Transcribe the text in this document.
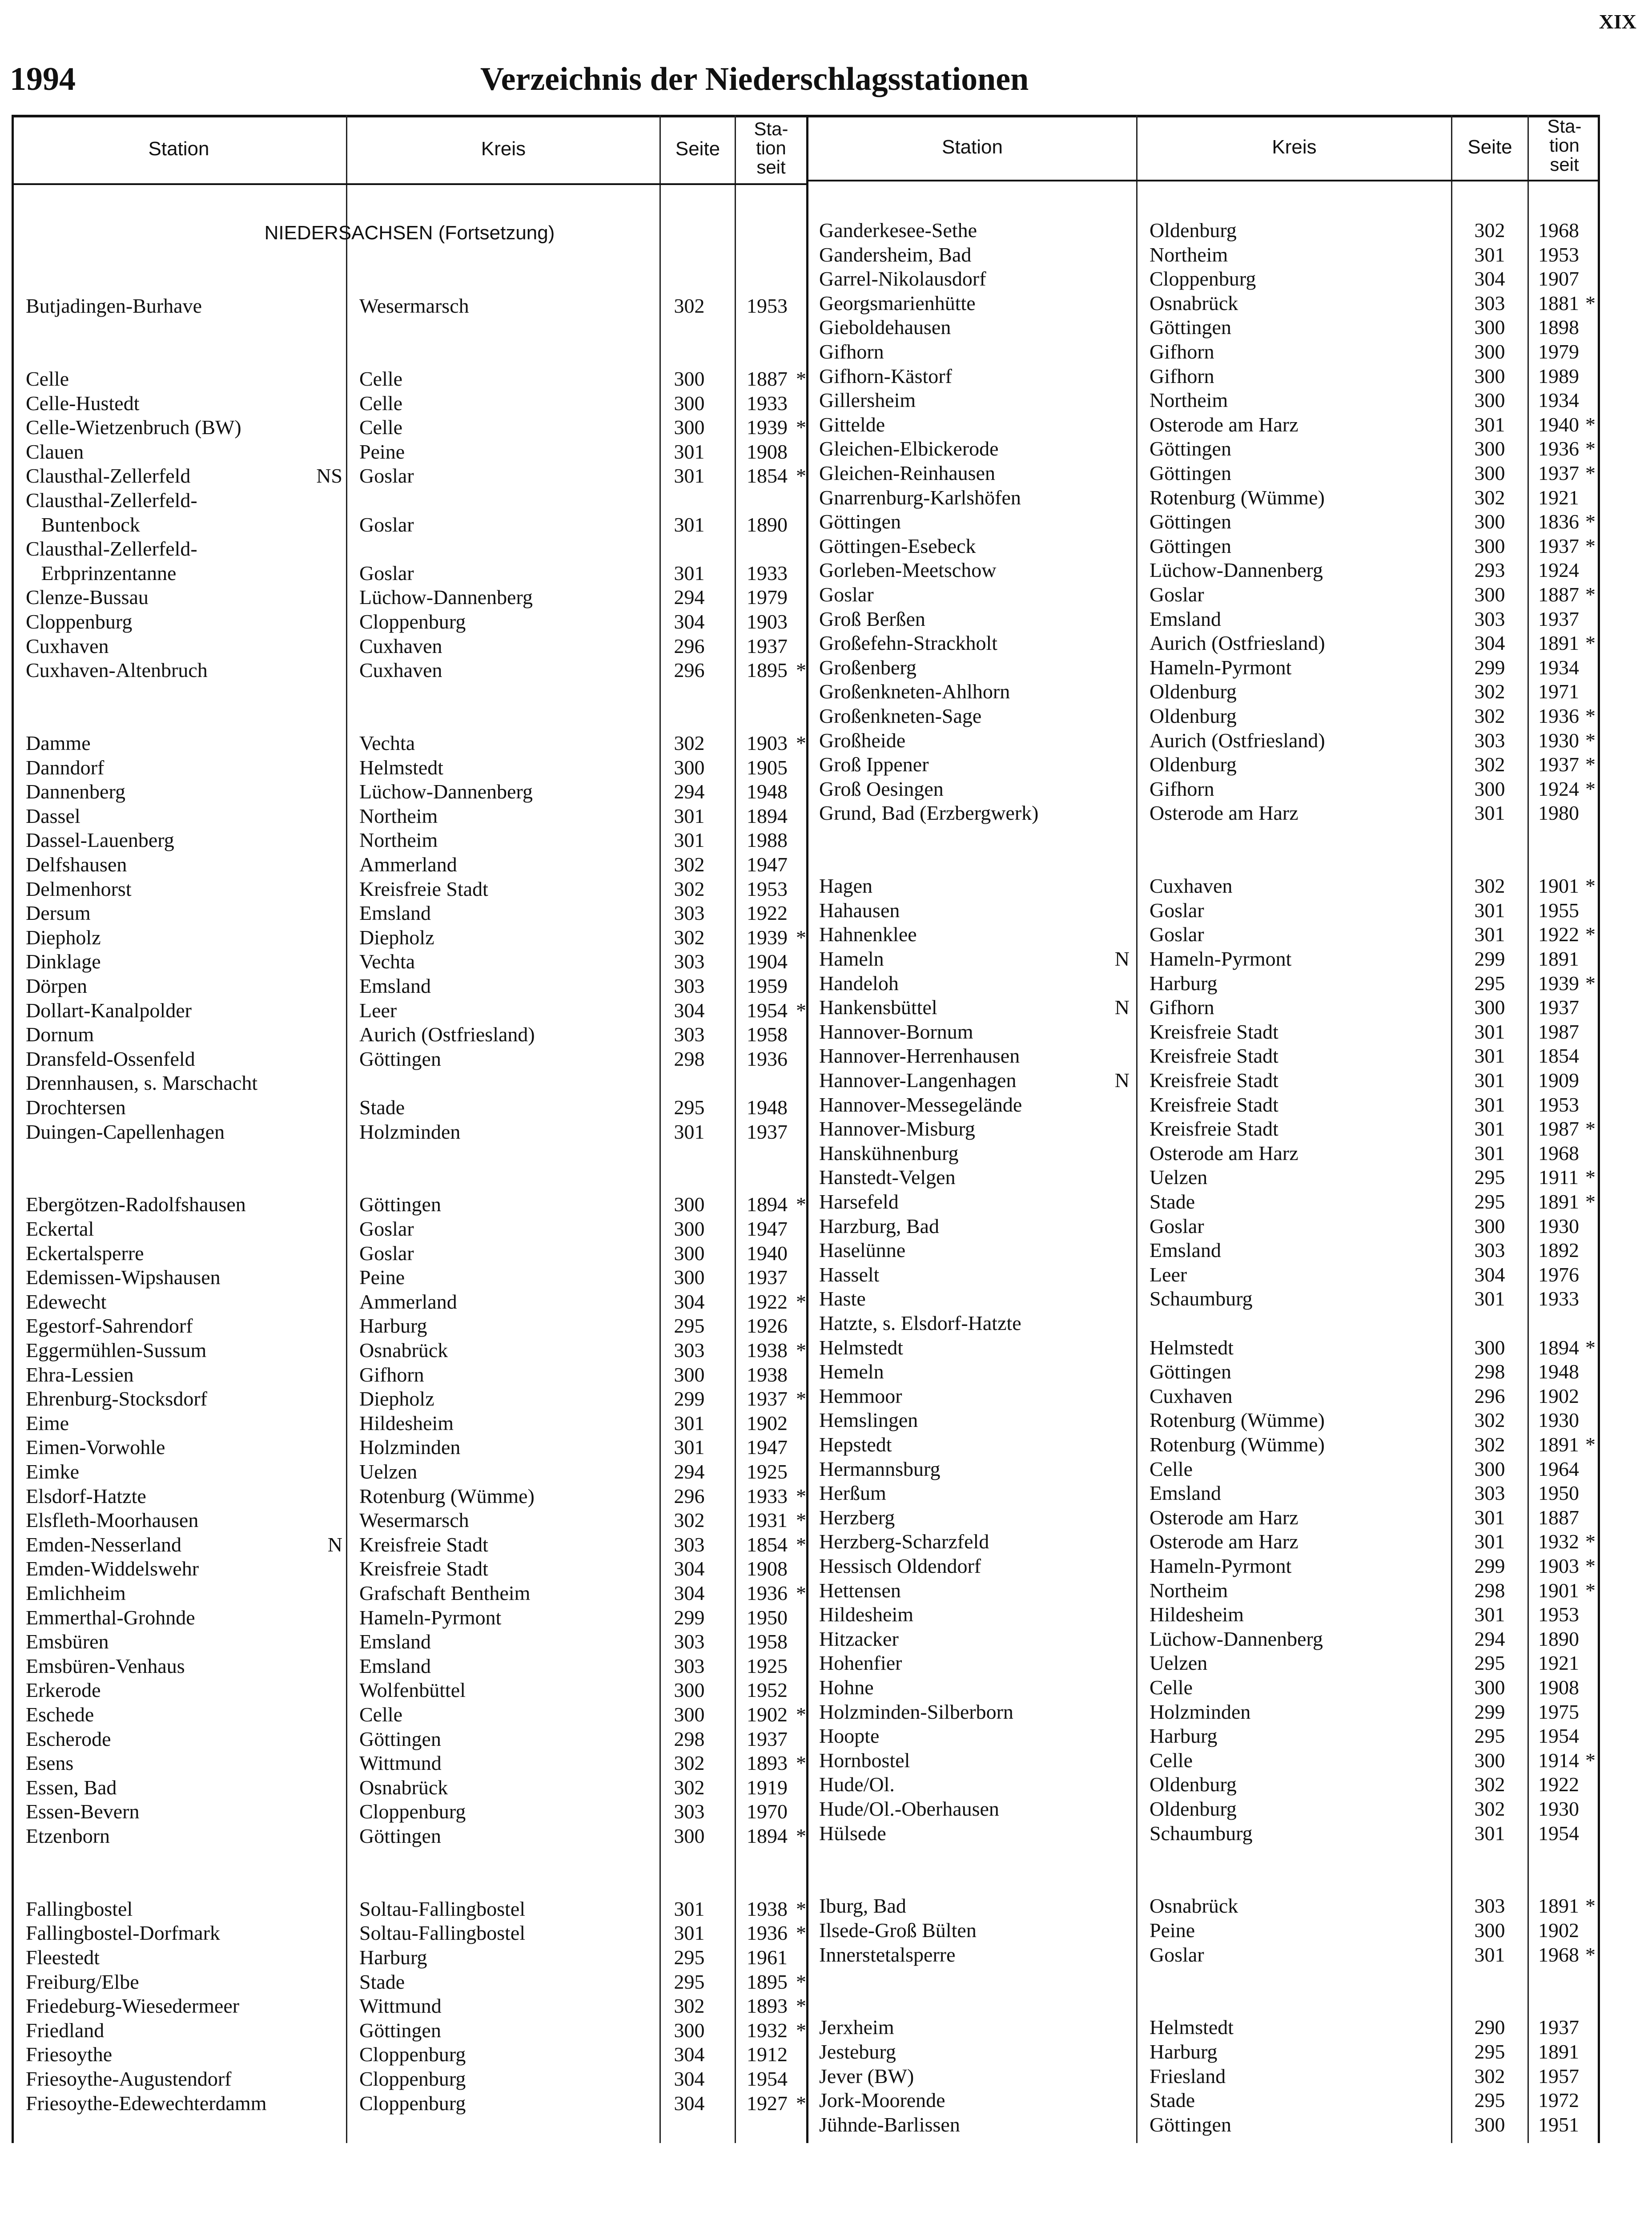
XIX
1994	Verzeichnis der Niederschlagsstationen
Station	Kreis	Seite
Sta-
tion
seit
Station	Kreis	Seite
Sta-
tion
seit
NIEDERSACHSEN (Fortsetzung)
Butjadingen-Burhave	Wesermarsch	302	1953
Celle	Celle	300	1887 *
Celle-Hustedt	Celle	300	1933
Celle-Wietzenbruch (BW)	Celle	300	1939 *
Clauen	Peine	301	1908
Clausthal-Zellerfeld	NS Goslar	301	1854 *
Clausthal-Zellerfeld-
Buntenbock	Goslar	301	1890
Clausthal-Zellerfeld-
Erbprinzentanne	Goslar	301	1933
Clenze-Bussau	Lüchow-Dannenberg	294	1979
Cloppenburg	Cloppenburg	304	1903
Cuxhaven	Cuxhaven	296	1937
Cuxhaven-Altenbruch	Cuxhaven	296	1895 *
Damme	Vechta	302	1903 *
Danndorf	Helmstedt	300	1905
Dannenberg	Lüchow-Dannenberg	294	1948
Dassel	Northeim	301	1894
Dassel-Lauenberg	Northeim	301	1988
Delfshausen	Ammerland	302	1947
Delmenhorst	Kreisfreie Stadt	302	1953
Dersum	Emsland	303	1922
Diepholz	Diepholz	302	1939 *
Dinklage	Vechta	303	1904
Dörpen	Emsland	303	1959
Dollart-Kanalpolder	Leer	304	1954 *
Dornum	Aurich (Ostfriesland)	303	1958
Dransfeld-Ossenfeld	Göttingen	298	1936
Drennhausen, s. Marschacht
Drochtersen	Stade	295	1948
Duingen-Capellenhagen	Holzminden	301	1937
Ebergötzen-Radolfshausen	Göttingen	300	1894 *
Eckertal	Goslar	300	1947
Eckertalsperre	Goslar	300	1940
Edemissen-Wipshausen	Peine	300	1937
Edewecht	Ammerland	304	1922 *
Egestorf-Sahrendorf	Harburg	295	1926
Eggermühlen-Sussum	Osnabrück	303	1938 *
Ehra-Lessien	Gifhorn	300	1938
Ehrenburg-Stocksdorf	Diepholz	299	1937 *
Eime	Hildesheim	301	1902
Eimen-Vorwohle	Holzminden	301	1947
Eimke	Uelzen	294	1925
Elsdorf-Hatzte	Rotenburg (Wümme)	296	1933 *
Elsfleth-Moorhausen	Wesermarsch	302	1931 *
Emden-Nesserland	N Kreisfreie Stadt	303	1854 *
Emden-Widdelswehr	Kreisfreie Stadt	304	1908
Emlichheim	Grafschaft Bentheim	304	1936 *
Emmerthal-Grohnde	Hameln-Pyrmont	299	1950
Emsbüren	Emsland	303	1958
Emsbüren-Venhaus	Emsland	303	1925
Erkerode	Wolfenbüttel	300	1952
Eschede	Celle	300	1902 *
Escherode	Göttingen	298	1937
Esens	Wittmund	302	1893 *
Essen, Bad	Osnabrück	302	1919
Essen-Bevern	Cloppenburg	303	1970
Etzenborn	Göttingen	300	1894 *
Fallingbostel	Soltau-Fallingbostel	301	1938 *
Fallingbostel-Dorfmark	Soltau-Fallingbostel	301	1936 *
Fleestedt	Harburg	295	1961
Freiburg/Elbe	Stade	295	1895 *
Friedeburg-Wiesedermeer	Wittmund	302	1893 *
Friedland	Göttingen	300	1932 *
Friesoythe	Cloppenburg	304	1912
Friesoythe-Augustendorf	Cloppenburg	304	1954
Friesoythe-Edewechterdamm	Cloppenburg	304	1927 *
Ganderkesee-Sethe	Oldenburg	302	1968
Gandersheim, Bad	Northeim	301	1953
Garrel-Nikolausdorf	Cloppenburg	304	1907
Georgsmarienhütte	Osnabrück	303	1881 *
Gieboldehausen	Göttingen	300	1898
Gifhorn	Gifhorn	300	1979
Gifhorn-Kästorf	Gifhorn	300	1989
Gillersheim	Northeim	300	1934
Gittelde	Osterode am Harz	301	1940 *
Gleichen-Elbickerode	Göttingen	300	1936 *
Gleichen-Reinhausen	Göttingen	300	1937 *
Gnarrenburg-Karlshöfen	Rotenburg (Wümme)	302	1921
Göttingen	Göttingen	300	1836 *
Göttingen-Esebeck	Göttingen	300	1937 *
Gorleben-Meetschow	Lüchow-Dannenberg	293	1924
Goslar	Goslar	300	1887 *
Groß Berßen	Emsland	303	1937
Großefehn-Strackholt	Aurich (Ostfriesland)	304	1891 *
Großenberg	Hameln-Pyrmont	299	1934
Großenkneten-Ahlhorn	Oldenburg	302	1971
Großenkneten-Sage	Oldenburg	302	1936 *
Großheide	Aurich (Ostfriesland)	303	1930 *
Groß Ippener	Oldenburg	302	1937 *
Groß Oesingen	Gifhorn	300	1924 *
Grund, Bad (Erzbergwerk)	Osterode am Harz	301	1980
Hagen	Cuxhaven	302	1901 *
Hahausen	Goslar	301	1955
Hahnenklee	Goslar	301	1922 *
Hameln	N Hameln-Pyrmont	299	1891
Handeloh	Harburg	295	1939 *
Hankensbüttel	N Gifhorn	300	1937
Hannover-Bornum	Kreisfreie Stadt	301	1987
Hannover-Herrenhausen	Kreisfreie Stadt	301	1854
Hannover-Langenhagen	N Kreisfreie Stadt	301	1909
Hannover-Messegelände	Kreisfreie Stadt	301	1953
Hannover-Misburg	Kreisfreie Stadt	301	1987 *
Hanskühnenburg	Osterode am Harz	301	1968
Hanstedt-Velgen	Uelzen	295	1911 *
Harsefeld	Stade	295	1891 *
Harzburg, Bad	Goslar	300	1930
Haselünne	Emsland	303	1892
Hasselt	Leer	304	1976
Haste	Schaumburg	301	1933
Hatzte, s. Elsdorf-Hatzte
Helmstedt	Helmstedt	300	1894 *
Hemeln	Göttingen	298	1948
Hemmoor	Cuxhaven	296	1902
Hemslingen	Rotenburg (Wümme)	302	1930
Hepstedt	Rotenburg (Wümme)	302	1891 *
Hermannsburg	Celle	300	1964
Herßum	Emsland	303	1950
Herzberg	Osterode am Harz	301	1887
Herzberg-Scharzfeld	Osterode am Harz	301	1932 *
Hessisch Oldendorf	Hameln-Pyrmont	299	1903 *
Hettensen	Northeim	298	1901 *
Hildesheim	Hildesheim	301	1953
Hitzacker	Lüchow-Dannenberg	294	1890
Hohenfier	Uelzen	295	1921
Hohne	Celle	300	1908
Holzminden-Silberborn	Holzminden	299	1975
Hoopte	Harburg	295	1954
Hornbostel	Celle	300	1914 *
Hude/Ol.	Oldenburg	302	1922
Hude/Ol.-Oberhausen	Oldenburg	302	1930
Hülsede	Schaumburg	301	1954
Iburg, Bad	Osnabrück	303	1891 *
Ilsede-Groß Bülten	Peine	300	1902
Innerstetalsperre	Goslar	301	1968 *
Jerxheim	Helmstedt	290	1937
Jesteburg	Harburg	295	1891
Jever (BW)	Friesland	302	1957
Jork-Moorende	Stade	295	1972
Jühnde-Barlissen	Göttingen	300	1951
